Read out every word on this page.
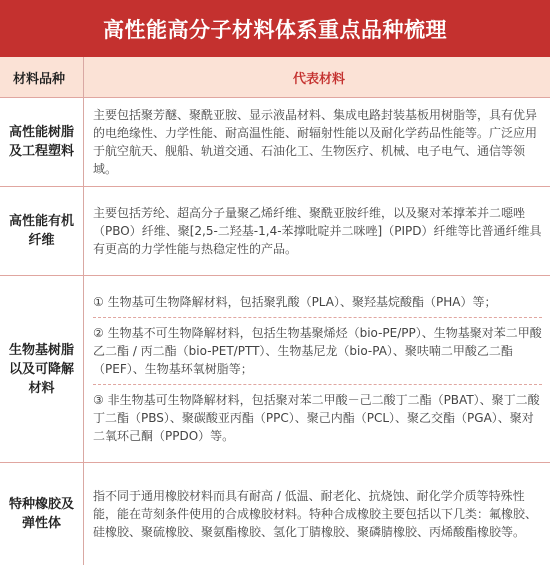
高性能高分子材料体系重点品种梳理
材料品种	代表材料
高性能树脂及工程塑料
主要包括聚芳醚、聚酰亚胺、显示液晶材料、集成电路封装基板用树脂等，具有优异的电绝缘性、力学性能、耐高温性能、耐辐射性能以及耐化学药品性能等。广泛应用于航空航天、舰船、轨道交通、石油化工、生物医疗、机械、电子电气、通信等领域。
高性能有机纤维
主要包括芳纶、超高分子量聚乙烯纤维、聚酰亚胺纤维，以及聚对苯撑苯并二噁唑（PBO）纤维、聚[2,5-二羟基-1,4-苯撑吡啶并二咪唑]（PIPD）纤维等比普通纤维具有更高的力学性能与热稳定性的产品。
生物基树脂以及可降解材料
① 生物基可生物降解材料，包括聚乳酸（PLA）、聚羟基烷酸酯（PHA）等；
② 生物基不可生物降解材料，包括生物基聚烯烃（bio-PE/PP）、生物基聚对苯二甲酸乙二酯 / 丙二酯（bio-PET/PTT）、生物基尼龙（bio-PA）、聚呋喃二甲酸乙二酯（PEF）、生物基环氧树脂等；
③ 非生物基可生物降解材料，包括聚对苯二甲酸－己二酸丁二酯（PBAT）、聚丁二酸丁二酯（PBS）、聚碳酸亚丙酯（PPC）、聚己内酯（PCL）、聚乙交酯（PGA）、聚对二氧环己酮（PPDO）等。
特种橡胶及弹性体
指不同于通用橡胶材料而具有耐高 / 低温、耐老化、抗烧蚀、耐化学介质等特殊性能，能在苛刻条件使用的合成橡胶材料。特种合成橡胶主要包括以下几类：氟橡胶、硅橡胶、聚硫橡胶、聚氨酯橡胶、氢化丁腈橡胶、聚磷腈橡胶、丙烯酸酯橡胶等。
